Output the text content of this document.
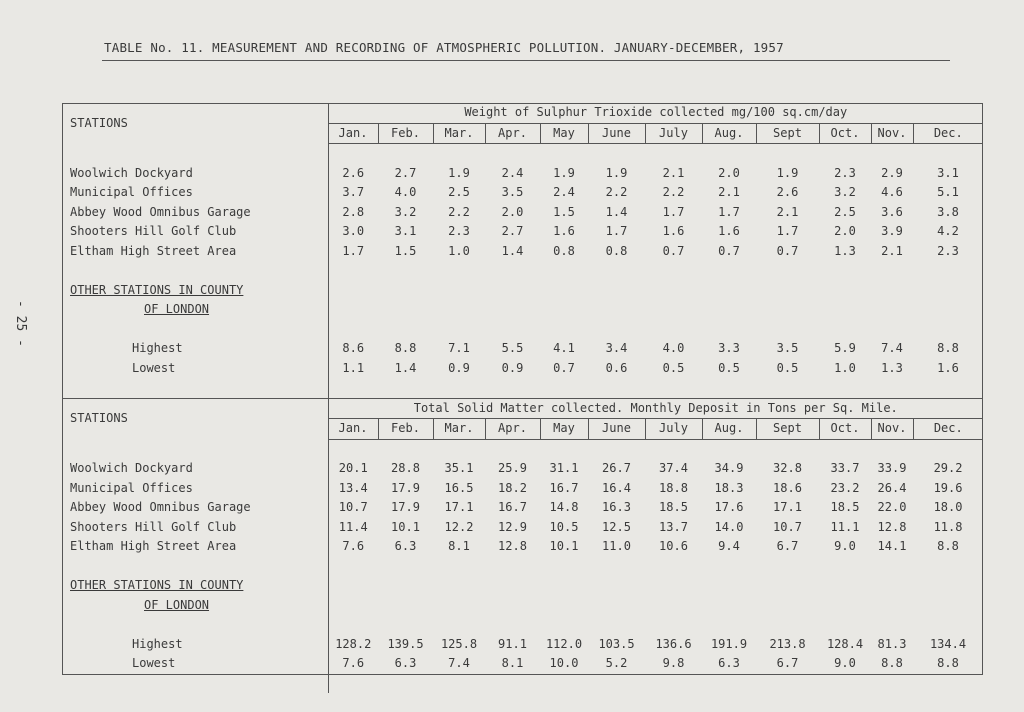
TABLE No. 11. MEASUREMENT AND RECORDING OF ATMOSPHERIC POLLUTION. JANUARY-DECEMBER, 1957
- 25 -
STATIONS	Weight of Sulphur Trioxide collected mg/100 sq.cm/day											
	Jan.	Feb.	Mar.	Apr.	May	June	July	Aug.	Sept	Oct.	Nov.	Dec.

Woolwich Dockyard	2.6	2.7	1.9	2.4	1.9	1.9	2.1	2.0	1.9	2.3	2.9	3.1
Municipal Offices	3.7	4.0	2.5	3.5	2.4	2.2	2.2	2.1	2.6	3.2	4.6	5.1
Abbey Wood Omnibus Garage	2.8	3.2	2.2	2.0	1.5	1.4	1.7	1.7	2.1	2.5	3.6	3.8
Shooters Hill Golf Club	3.0	3.1	2.3	2.7	1.6	1.7	1.6	1.6	1.7	2.0	3.9	4.2
Eltham High Street Area	1.7	1.5	1.0	1.4	0.8	0.8	0.7	0.7	0.7	1.3	2.1	2.3

OTHER STATIONS IN COUNTY												
OF LONDON												

Highest	8.6	8.8	7.1	5.5	4.1	3.4	4.0	3.3	3.5	5.9	7.4	8.8
Lowest	1.1	1.4	0.9	0.9	0.7	0.6	0.5	0.5	0.5	1.0	1.3	1.6

STATIONS	Total Solid Matter collected. Monthly Deposit in Tons per Sq. Mile.											
	Jan.	Feb.	Mar.	Apr.	May	June	July	Aug.	Sept	Oct.	Nov.	Dec.

Woolwich Dockyard	20.1	28.8	35.1	25.9	31.1	26.7	37.4	34.9	32.8	33.7	33.9	29.2
Municipal Offices	13.4	17.9	16.5	18.2	16.7	16.4	18.8	18.3	18.6	23.2	26.4	19.6
Abbey Wood Omnibus Garage	10.7	17.9	17.1	16.7	14.8	16.3	18.5	17.6	17.1	18.5	22.0	18.0
Shooters Hill Golf Club	11.4	10.1	12.2	12.9	10.5	12.5	13.7	14.0	10.7	11.1	12.8	11.8
Eltham High Street Area	7.6	6.3	8.1	12.8	10.1	11.0	10.6	9.4	6.7	9.0	14.1	8.8

OTHER STATIONS IN COUNTY												
OF LONDON												

Highest	128.2	139.5	125.8	91.1	112.0	103.5	136.6	191.9	213.8	128.4	81.3	134.4
Lowest	7.6	6.3	7.4	8.1	10.0	5.2	9.8	6.3	6.7	9.0	8.8	8.8
